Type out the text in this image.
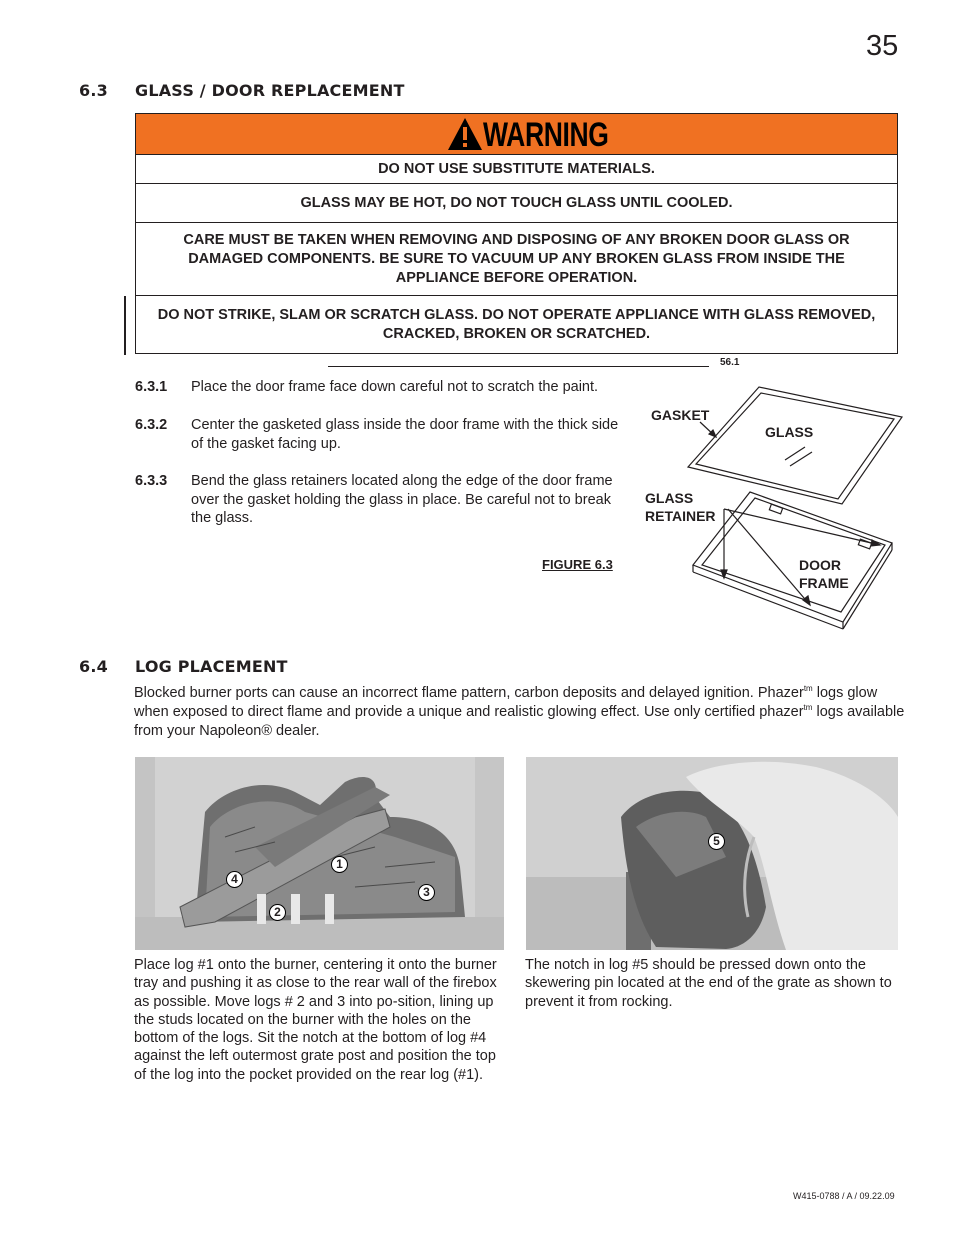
35
6.3 GLASS / DOOR REPLACEMENT
WARNING
DO NOT USE SUBSTITUTE MATERIALS.
GLASS MAY BE HOT, DO NOT TOUCH GLASS UNTIL COOLED.
CARE MUST BE TAKEN WHEN REMOVING AND DISPOSING OF ANY BROKEN DOOR GLASS OR DAMAGED COMPONENTS. BE SURE TO VACUUM UP ANY BROKEN GLASS FROM INSIDE THE APPLIANCE BEFORE OPERATION.
DO NOT STRIKE, SLAM OR SCRATCH GLASS. DO NOT OPERATE APPLIANCE WITH GLASS REMOVED, CRACKED, BROKEN OR SCRATCHED.
56.1
6.3.1 Place the door frame face down careful not to scratch the paint.
6.3.2 Center the gasketed glass inside the door frame with the thick side of the gasket facing up.
6.3.3 Bend the glass retainers located along the edge of the door frame over the gasket holding the glass in place. Be careful not to break the glass.
FIGURE 6.3
GASKET
GLASS
GLASS
RETAINER
DOOR
FRAME
6.4 LOG PLACEMENT
Blocked burner ports can cause an incorrect flame pattern, carbon deposits and delayed ignition. Phazer$^{tm}$ logs glow when exposed to direct flame and provide a unique and realistic glowing effect. Use only certified phazer$^{tm}$ logs available from your Napoleon® dealer.
1
2
3
4
5
Place log #1 onto the burner, centering it onto the burner tray and pushing it as close to the rear wall of the firebox as possible. Move logs # 2 and 3 into po-sition, lining up the studs located on the burner with the holes on the bottom of the logs. Sit the notch at the bottom of log #4 against the left outermost grate post and position the top of the log into the pocket provided on the rear log (#1).
The notch in log #5 should be pressed down onto the skewering pin located at the end of the grate as shown to prevent it from rocking.
W415-0788 / A / 09.22.09
